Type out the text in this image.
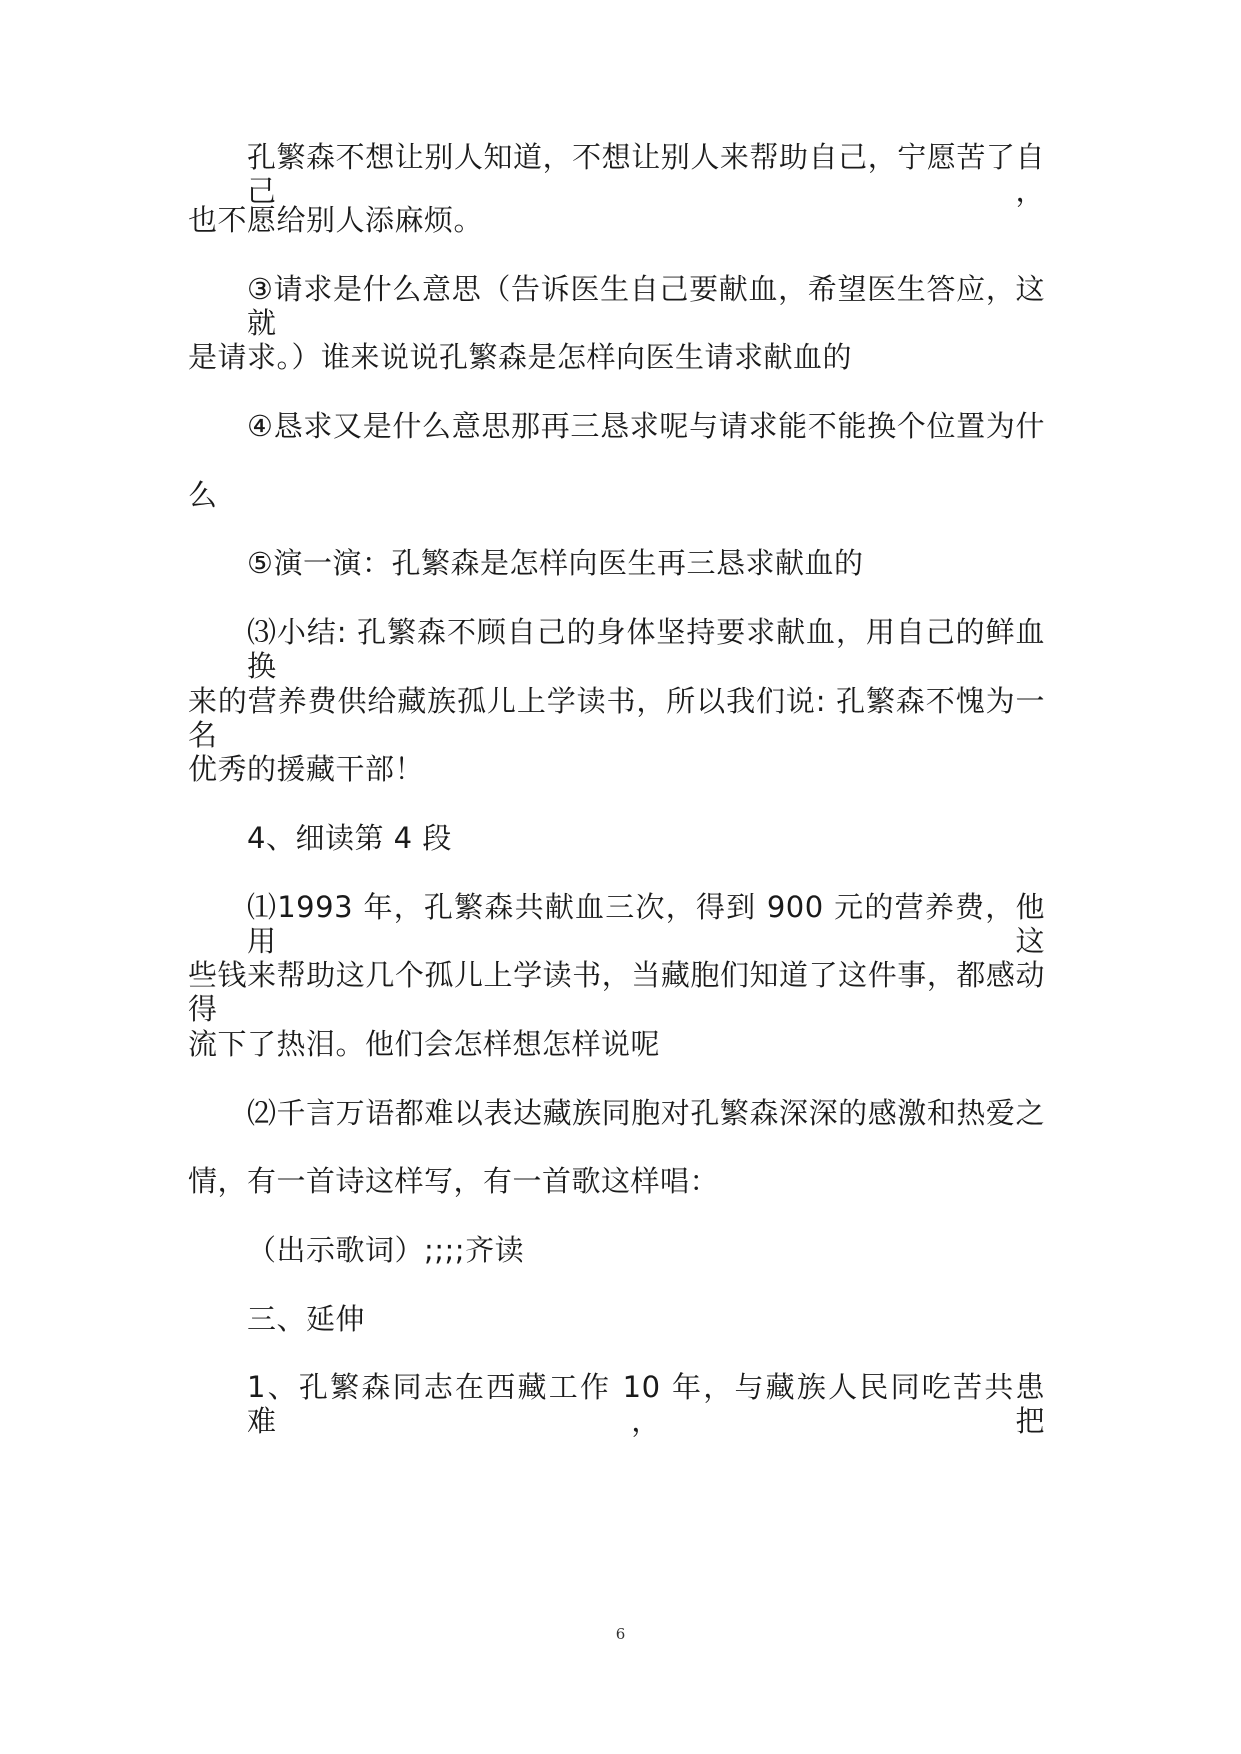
孔繁森不想让别人知道，不想让别人来帮助自己，宁愿苦了自己，

也不愿给别人添麻烦。

③请求是什么意思（告诉医生自己要献血，希望医生答应，这就

是请求。）谁来说说孔繁森是怎样向医生请求献血的

④恳求又是什么意思那再三恳求呢与请求能不能换个位置为什

么

⑤演一演：孔繁森是怎样向医生再三恳求献血的

⑶小结: 孔繁森不顾自己的身体坚持要求献血，用自己的鲜血换

来的营养费供给藏族孤儿上学读书，所以我们说: 孔繁森不愧为一名

优秀的援藏干部！

4、细读第 4 段

⑴1993 年，孔繁森共献血三次，得到 900 元的营养费，他用这

些钱来帮助这几个孤儿上学读书，当藏胞们知道了这件事，都感动得

流下了热泪。他们会怎样想怎样说呢

⑵千言万语都难以表达藏族同胞对孔繁森深深的感激和热爱之

情，有一首诗这样写，有一首歌这样唱：

（出示歌词）;;;;齐读

三、延伸

1、孔繁森同志在西藏工作 10 年，与藏族人民同吃苦共患难，把

6
